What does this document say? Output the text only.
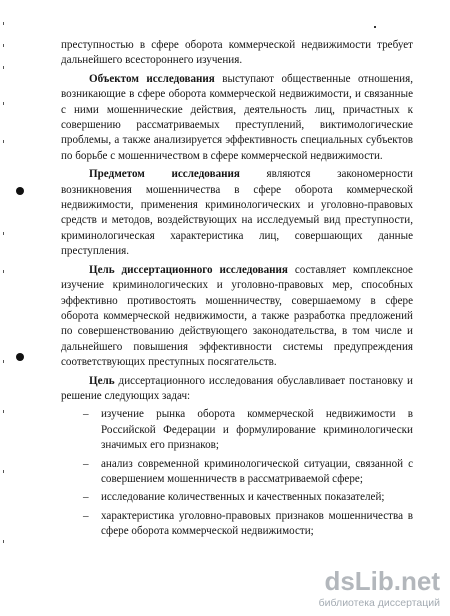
преступностью в сфере оборота коммерческой недвижимости требует дальнейшего всестороннего изучения.

Объектом исследования выступают общественные отношения, возникающие в сфере оборота коммерческой недвижимости, и связанные с ними мошеннические действия, деятельность лиц, причастных к совершению рассматриваемых преступлений, виктимологические проблемы, а также анализируется эффективность специальных субъектов по борьбе с мошенничеством в сфере коммерческой недвижимости.

Предметом исследования являются закономерности возникновения мошенничества в сфере оборота коммерческой недвижимости, применения криминологических и уголовно-правовых средств и методов, воздействующих на исследуемый вид преступности, криминологическая характеристика лиц, совершающих данные преступления.

Цель диссертационного исследования составляет комплексное изучение криминологических и уголовно-правовых мер, способных эффективно противостоять мошенничеству, совершаемому в сфере оборота коммерческой недвижимости, а также разработка предложений по совершенствованию действующего законодательства, в том числе и дальнейшего повышения эффективности системы предупреждения соответствующих преступных посягательств.

Цель диссертационного исследования обуславливает постановку и решение следующих задач:

– изучение рынка оборота коммерческой недвижимости в Российской Федерации и формулирование криминологически значимых его признаков;
– анализ современной криминологической ситуации, связанной с совершением мошенничеств в рассматриваемой сфере;
– исследование количественных и качественных показателей;
– характеристика уголовно-правовых признаков мошенничества в сфере оборота коммерческой недвижимости;
dsLib.net
библиотека диссертаций
